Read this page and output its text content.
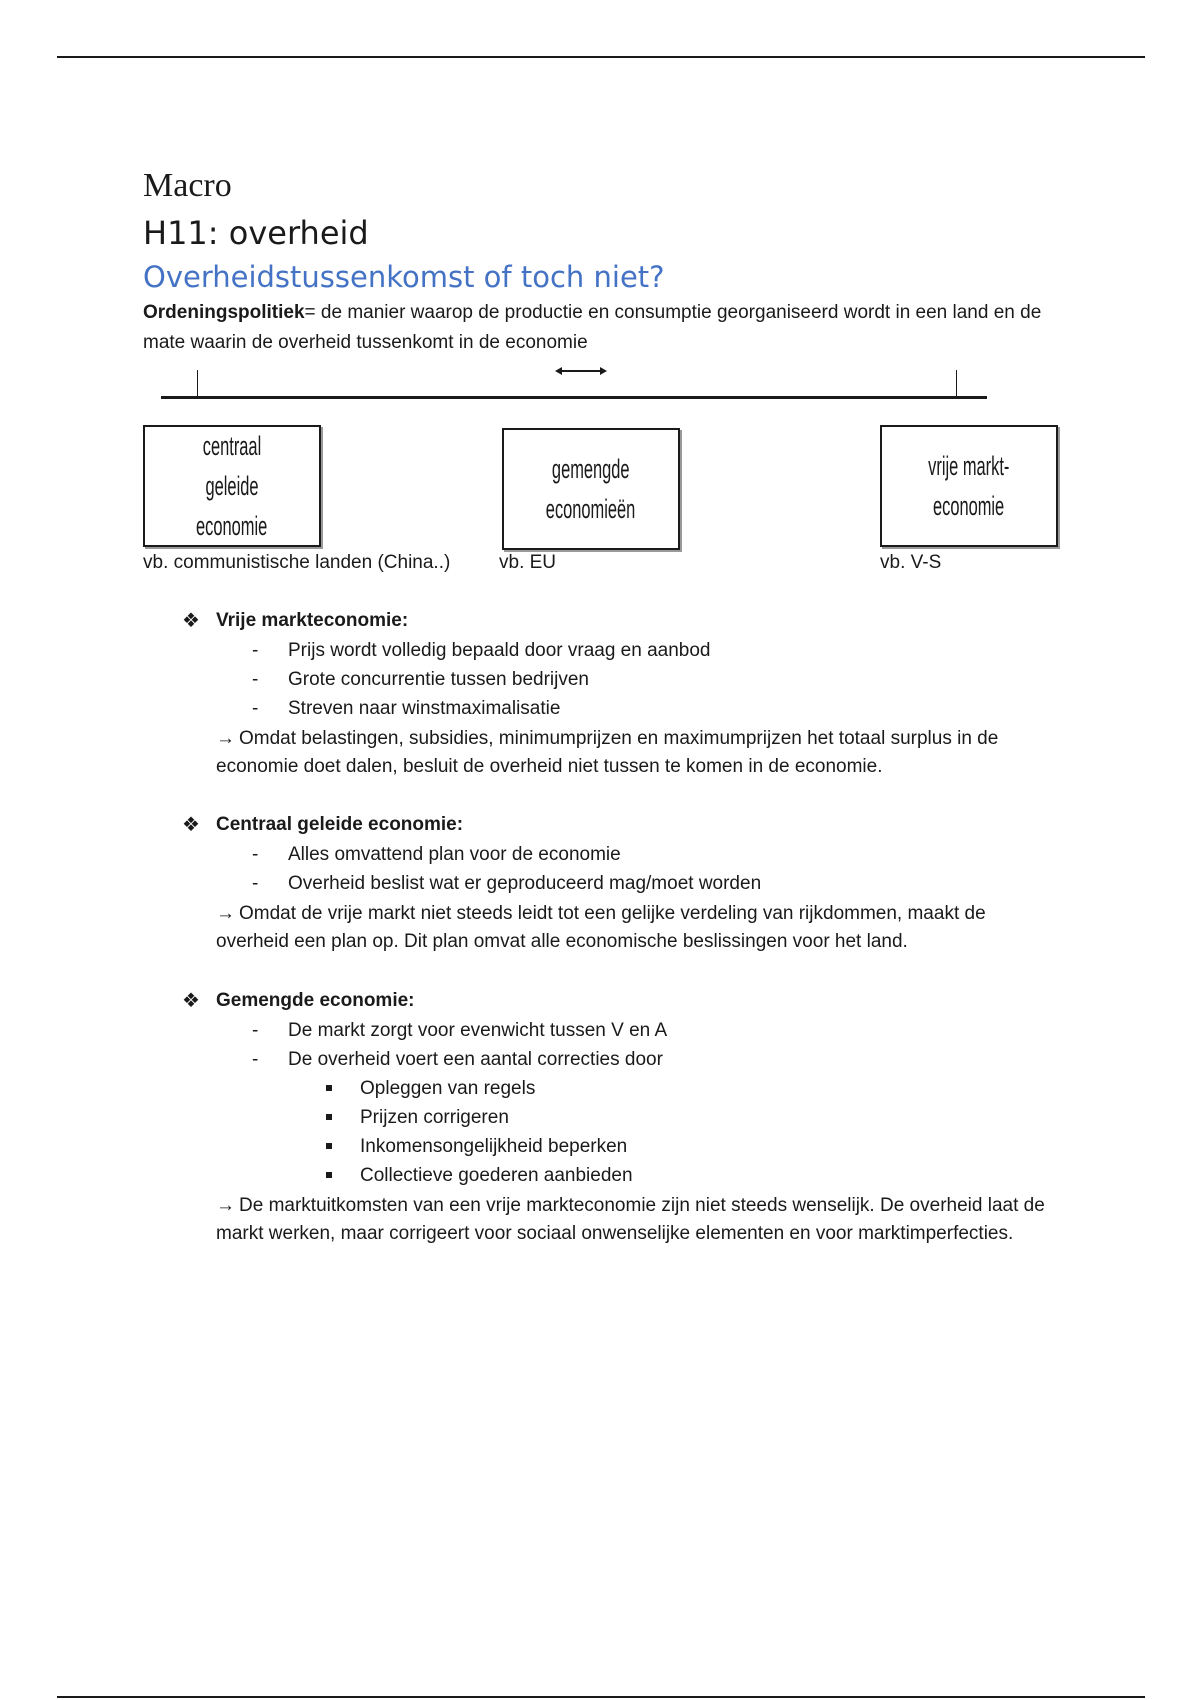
Macro
H11: overheid
Overheidstussenkomst of toch niet?
Ordeningspolitiek= de manier waarop de productie en consumptie georganiseerd wordt in een land en de mate waarin de overheid tussenkomt in de economie
centraal geleide
economie
gemengde
economieën
vrije markt-
economie
vb. communistische landen (China..)	vb. EU	vb. V-S
❖ Vrije markteconomie:
- Prijs wordt volledig bepaald door vraag en aanbod
- Grote concurrentie tussen bedrijven
- Streven naar winstmaximalisatie
→ Omdat belastingen, subsidies, minimumprijzen en maximumprijzen het totaal surplus in de economie doet dalen, besluit de overheid niet tussen te komen in de economie.
❖ Centraal geleide economie:
- Alles omvattend plan voor de economie
- Overheid beslist wat er geproduceerd mag/moet worden
→ Omdat de vrije markt niet steeds leidt tot een gelijke verdeling van rijkdommen, maakt de overheid een plan op. Dit plan omvat alle economische beslissingen voor het land.
❖ Gemengde economie:
- De markt zorgt voor evenwicht tussen V en A
- De overheid voert een aantal correcties door
Opleggen van regels
Prijzen corrigeren
Inkomensongelijkheid beperken
Collectieve goederen aanbieden
→ De marktuitkomsten van een vrije markteconomie zijn niet steeds wenselijk. De overheid laat de markt werken, maar corrigeert voor sociaal onwenselijke elementen en voor marktimperfecties.
